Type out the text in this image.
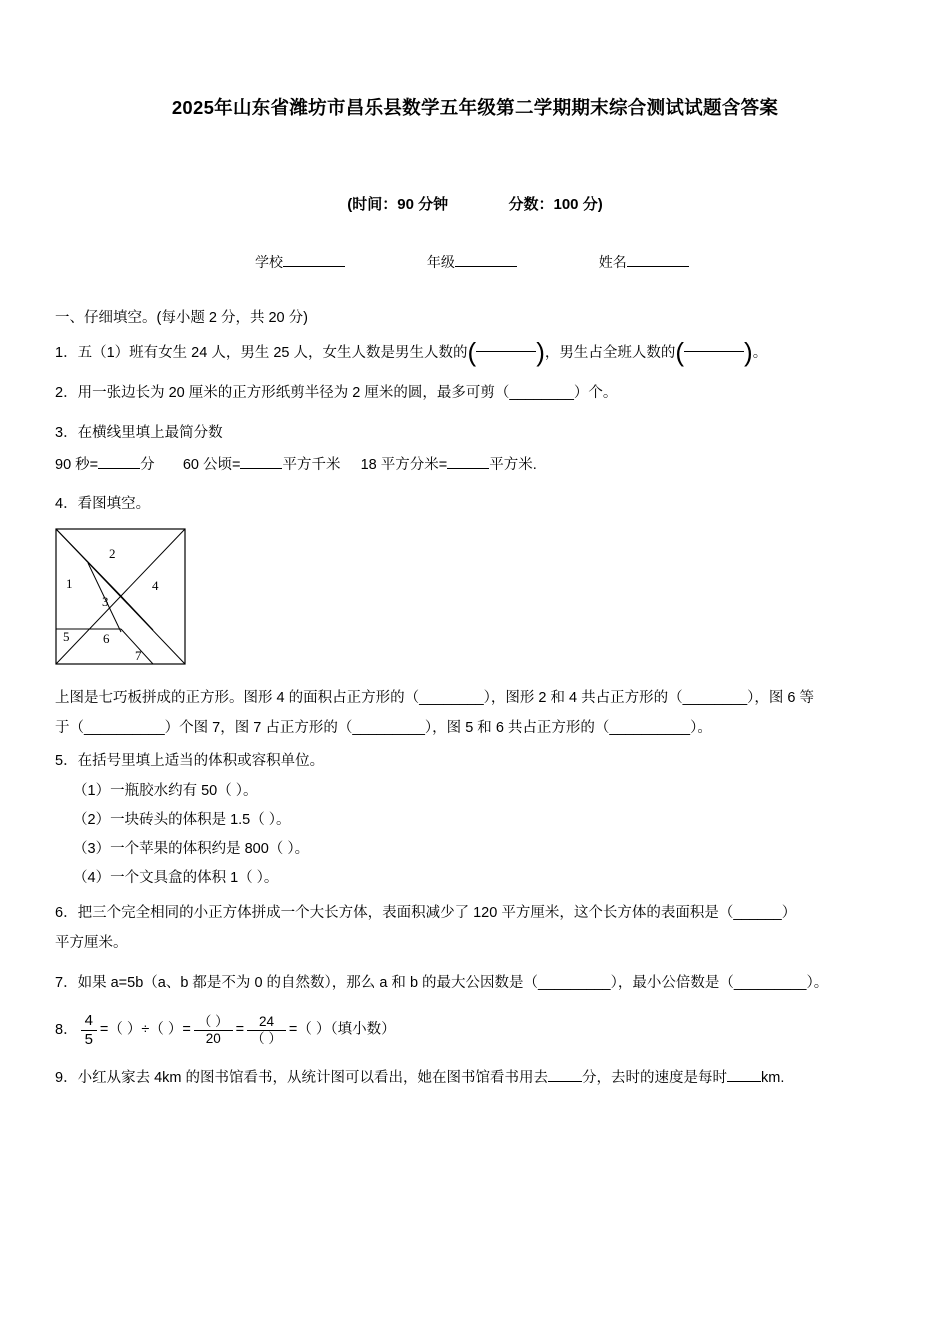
2025年山东省潍坊市昌乐县数学五年级第二学期期末综合测试试题含答案
(时间：90 分钟	分数：100 分)
学校	年级	姓名
一、仔细填空。(每小题 2 分，共 20 分)
1．五（1）班有女生 24 人，男生 25 人，女生人数是男生人数的(

)，男生占全班人数的(

)。
2．用一张边长为 20 厘米的正方形纸剪半径为 2 厘米的圆，最多可剪（________）个。
3．在横线里填上最简分数
90 秒=	分 60 公顷=	平方千米 18 平方分米=	平方米.
4．看图填空。
1
2
3
4
5	6
7
上图是七巧板拼成的正方形。图形 4 的面积占正方形的（________），图形 2 和 4 共占正方形的（________），图 6 等
于（__________）个图 7，图 7 占正方形的（_________），图 5 和 6 共占正方形的（__________）。
5．在括号里填上适当的体积或容积单位。
（1）一瓶胶水约有 50（ ）。
（2）一块砖头的体积是 1.5（ ）。
（3）一个苹果的体积约是 800（ ）。
（4）一个文具盒的体积 1（ ）。
6．把三个完全相同的小正方体拼成一个大长方体，表面积减少了 120 平方厘米，这个长方体的表面积是（______）
平方厘米。
7．如果 a=5b（a、b 都是不为 0 的自然数），那么 a 和 b 的最大公因数是（_________），最小公倍数是（_________）。
8． $\frac{4}{5}$ =（ ）÷（ ）= $\frac{( )}{20} = \frac{24}{( )}$ =（ ）（填小数）
9．小红从家去 4km 的图书馆看书，从统计图可以看出，她在图书馆看书用去 分，去时的速度是每时 km.
